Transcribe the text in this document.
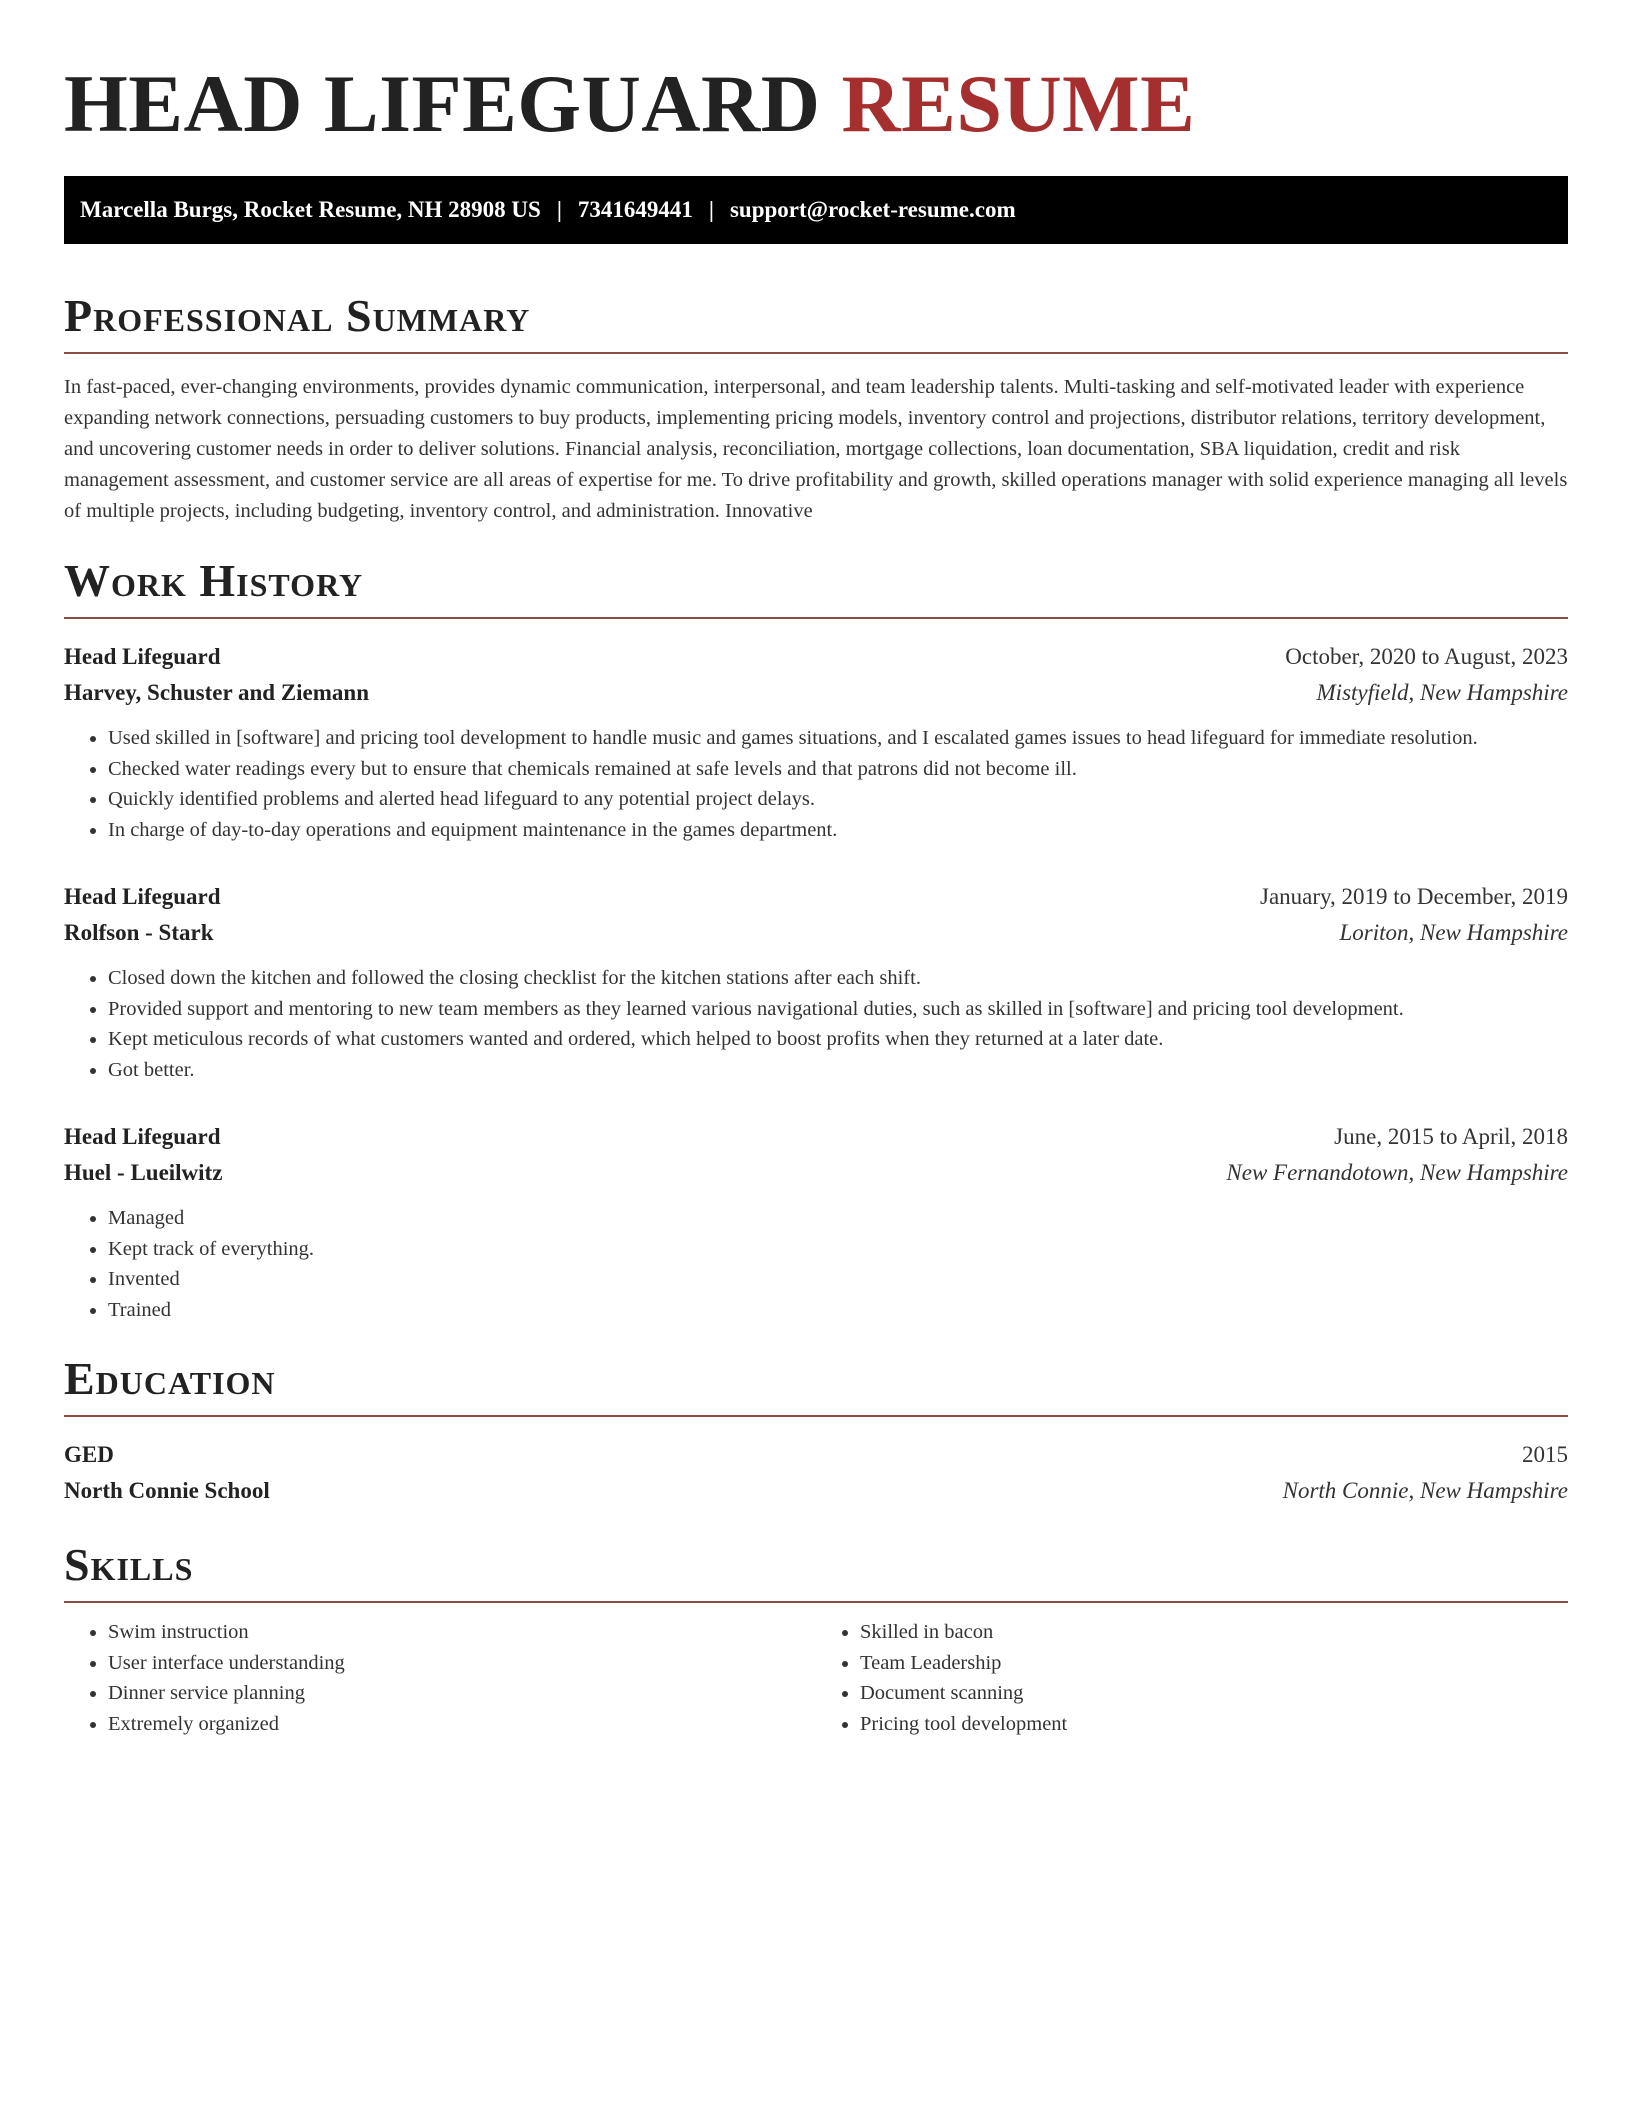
HEAD LIFEGUARD RESUME
Marcella Burgs, Rocket Resume, NH 28908 US | 7341649441 | support@rocket-resume.com
Professional Summary

In fast-paced, ever-changing environments, provides dynamic communication, interpersonal, and team leadership talents. Multi-tasking and self-motivated leader with experience expanding network connections, persuading customers to buy products, implementing pricing models, inventory control and projections, distributor relations, territory development, and uncovering customer needs in order to deliver solutions. Financial analysis, reconciliation, mortgage collections, loan documentation, SBA liquidation, credit and risk management assessment, and customer service are all areas of expertise for me. To drive profitability and growth, skilled operations manager with solid experience managing all levels of multiple projects, including budgeting, inventory control, and administration. Innovative

Work History
Head Lifeguard	October, 2020 to August, 2023
Harvey, Schuster and Ziemann	Mistyfield, New Hampshire
• Used skilled in [software] and pricing tool development to handle music and games situations, and I escalated games issues to head lifeguard for immediate resolution.
• Checked water readings every but to ensure that chemicals remained at safe levels and that patrons did not become ill.
• Quickly identified problems and alerted head lifeguard to any potential project delays.
• In charge of day-to-day operations and equipment maintenance in the games department.
Head Lifeguard	January, 2019 to December, 2019
Rolfson - Stark	Loriton, New Hampshire
• Closed down the kitchen and followed the closing checklist for the kitchen stations after each shift.
• Provided support and mentoring to new team members as they learned various navigational duties, such as skilled in [software] and pricing tool development.
• Kept meticulous records of what customers wanted and ordered, which helped to boost profits when they returned at a later date.
• Got better.
Head Lifeguard	June, 2015 to April, 2018
Huel - Lueilwitz	New Fernandotown, New Hampshire
• Managed
• Kept track of everything.
• Invented
• Trained
Education
GED	2015
North Connie School	North Connie, New Hampshire
Skills
• Swim instruction
• User interface understanding
• Dinner service planning
• Extremely organized
• Skilled in bacon
• Team Leadership
• Document scanning
• Pricing tool development
